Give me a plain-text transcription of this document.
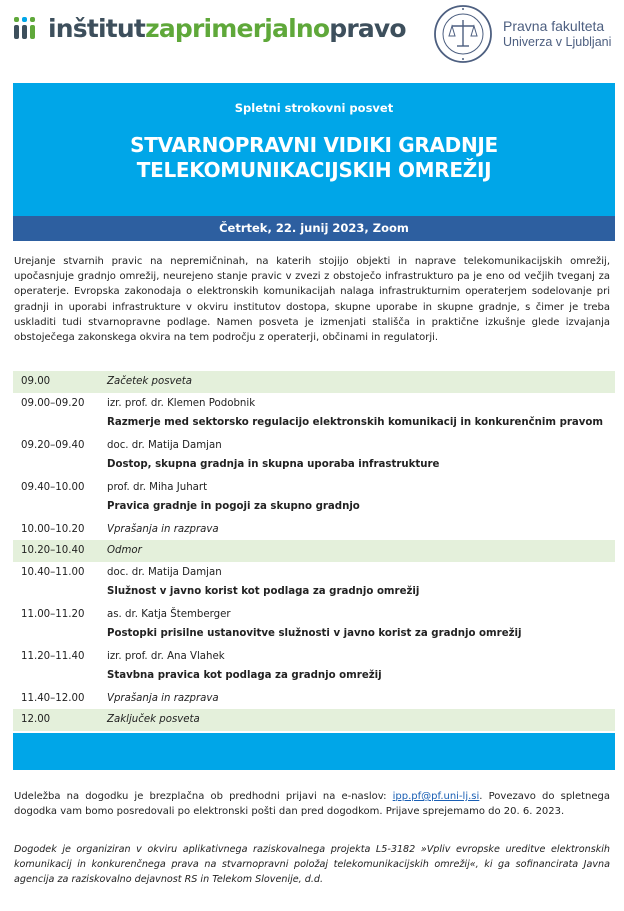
inštitutzaprimerjalnopravo	Pravna fakulteta
Univerza v Ljubljani
Spletni strokovni posvet
STVARNOPRAVNI VIDIKI GRADNJE
TELEKOMUNIKACIJSKIH OMREŽIJ
Četrtek, 22. junij 2023, Zoom
Urejanje stvarnih pravic na nepremičninah, na katerih stojijo objekti in naprave telekomunikacijskih omrežij, upočasnjuje gradnjo omrežij, neurejeno stanje pravic v zvezi z obstoječo infrastrukturo pa je eno od večjih tveganj za operaterje. Evropska zakonodaja o elektronskih komunikacijah nalaga infrastrukturnim operaterjem sodelovanje pri gradnji in uporabi infrastrukture v okviru institutov dostopa, skupne uporabe in skupne gradnje, s čimer je treba uskladiti tudi stvarnopravne podlage. Namen posveta je izmenjati stališča in praktične izkušnje glede izvajanja obstoječega zakonskega okvira na tem področju z operaterji, občinami in regulatorji.
09.00	Začetek posveta
09.00–09.20 izr. prof. dr. Klemen Podobnik
Razmerje med sektorsko regulacijo elektronskih komunikacij in konkurenčnim pravom
09.20–09.40 doc. dr. Matija Damjan
Dostop, skupna gradnja in skupna uporaba infrastrukture
09.40–10.00 prof. dr. Miha Juhart
Pravica gradnje in pogoji za skupno gradnjo
10.00–10.20 Vprašanja in razprava
10.20–10.40 Odmor
10.40–11.00 doc. dr. Matija Damjan
Služnost v javno korist kot podlaga za gradnjo omrežij
11.00–11.20 as. dr. Katja Štemberger
Postopki prisilne ustanovitve služnosti v javno korist za gradnjo omrežij
11.20–11.40 izr. prof. dr. Ana Vlahek
Stavbna pravica kot podlaga za gradnjo omrežij
11.40–12.00 Vprašanja in razprava
12.00	Zaključek posveta
Udeležba na dogodku je brezplačna ob predhodni prijavi na e-naslov: ipp.pf@pf.uni-lj.si. Povezavo do spletnega dogodka vam bomo posredovali po elektronski pošti dan pred dogodkom. Prijave sprejemamo do 20. 6. 2023.
Dogodek je organiziran v okviru aplikativnega raziskovalnega projekta L5-3182 »Vpliv evropske ureditve elektronskih komunikacij in konkurenčnega prava na stvarnopravni položaj telekomunikacijskih omrežij«, ki ga sofinancirata Javna agencija za raziskovalno dejavnost RS in Telekom Slovenije, d.d.
